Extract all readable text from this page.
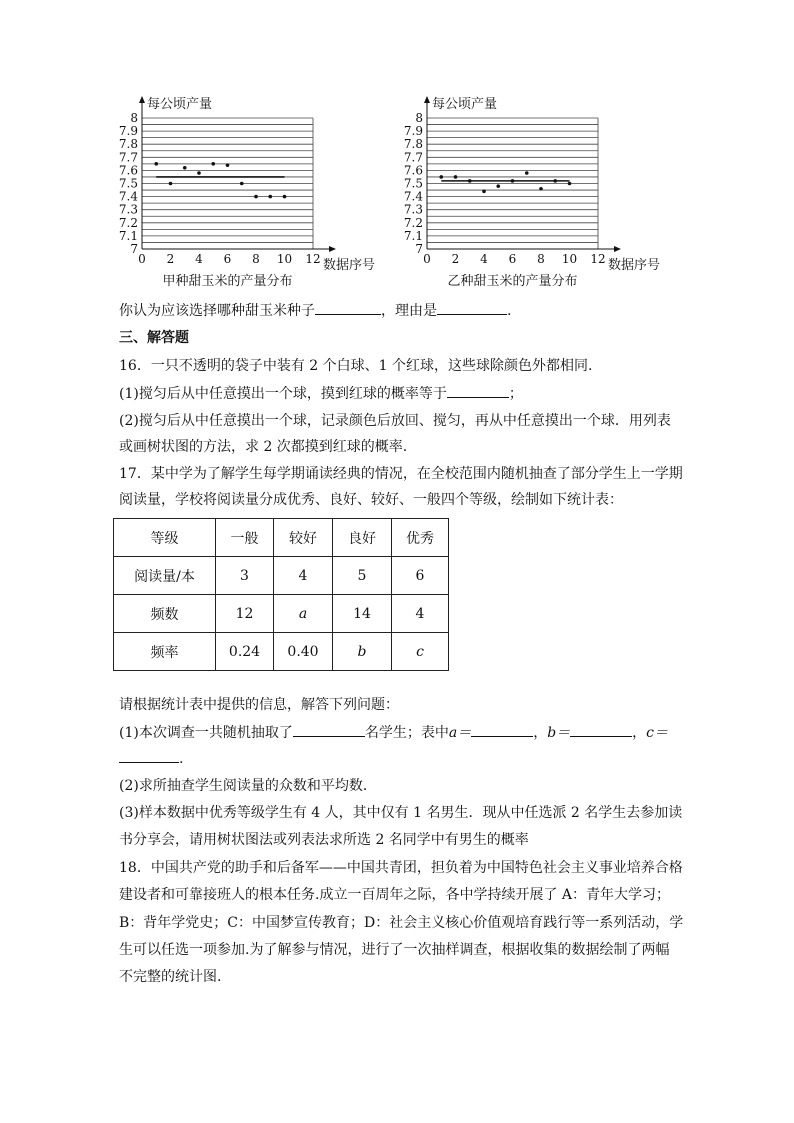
8
7.9
7.8
7.7
7.6
7.5
7.4
7.3
7.2
7.1
7
0 2 4 6 8 10 12
每公顷产量
数据序号
甲种甜玉米的产量分布
8
7.9
7.8
7.7
7.6
7.5
7.4
7.3
7.2
7.1
7
0 2 4 6 8 10 12
每公顷产量
数据序号
乙种甜玉米的产量分布
你认为应该选择哪种甜玉米种子	，理由是	.
三、解答题
16．一只不透明的袋子中装有 2 个白球、1 个红球，这些球除颜色外都相同.
(1)搅匀后从中任意摸出一个球，摸到红球的概率等于	；
(2)搅匀后从中任意摸出一个球，记录颜色后放回、搅匀，再从中任意摸出一个球．用列表
或画树状图的方法，求 2 次都摸到红球的概率.
17．某中学为了解学生每学期诵读经典的情况，在全校范围内随机抽查了部分学生上一学期
阅读量，学校将阅读量分成优秀、良好、较好、一般四个等级，绘制如下统计表：
等级	一般	较好	良好	优秀
阅读量/本	3	4	5	6
频数	12	a	14	4
频率	0.24	0.40	b	c
请根据统计表中提供的信息，解答下列问题：
(1)本次调查一共随机抽取了	名学生；表中a＝	，b＝	，c＝
.
(2)求所抽查学生阅读量的众数和平均数．
(3)样本数据中优秀等级学生有 4 人，其中仅有 1 名男生．现从中任选派 2 名学生去参加读
书分享会，请用树状图法或列表法求所选 2 名同学中有男生的概率
18．中国共产党的助手和后备军——中国共青团，担负着为中国特色社会主义事业培养合格
建设者和可靠接班人的根本任务.成立一百周年之际，各中学持续开展了 A：青年大学习；
B：背年学党史；C：中国梦宣传教育；D：社会主义核心价值观培育践行等一系列活动，学
生可以任选一项参加.为了解参与情况，进行了一次抽样调查，根据收集的数据绘制了两幅
不完整的统计图.
